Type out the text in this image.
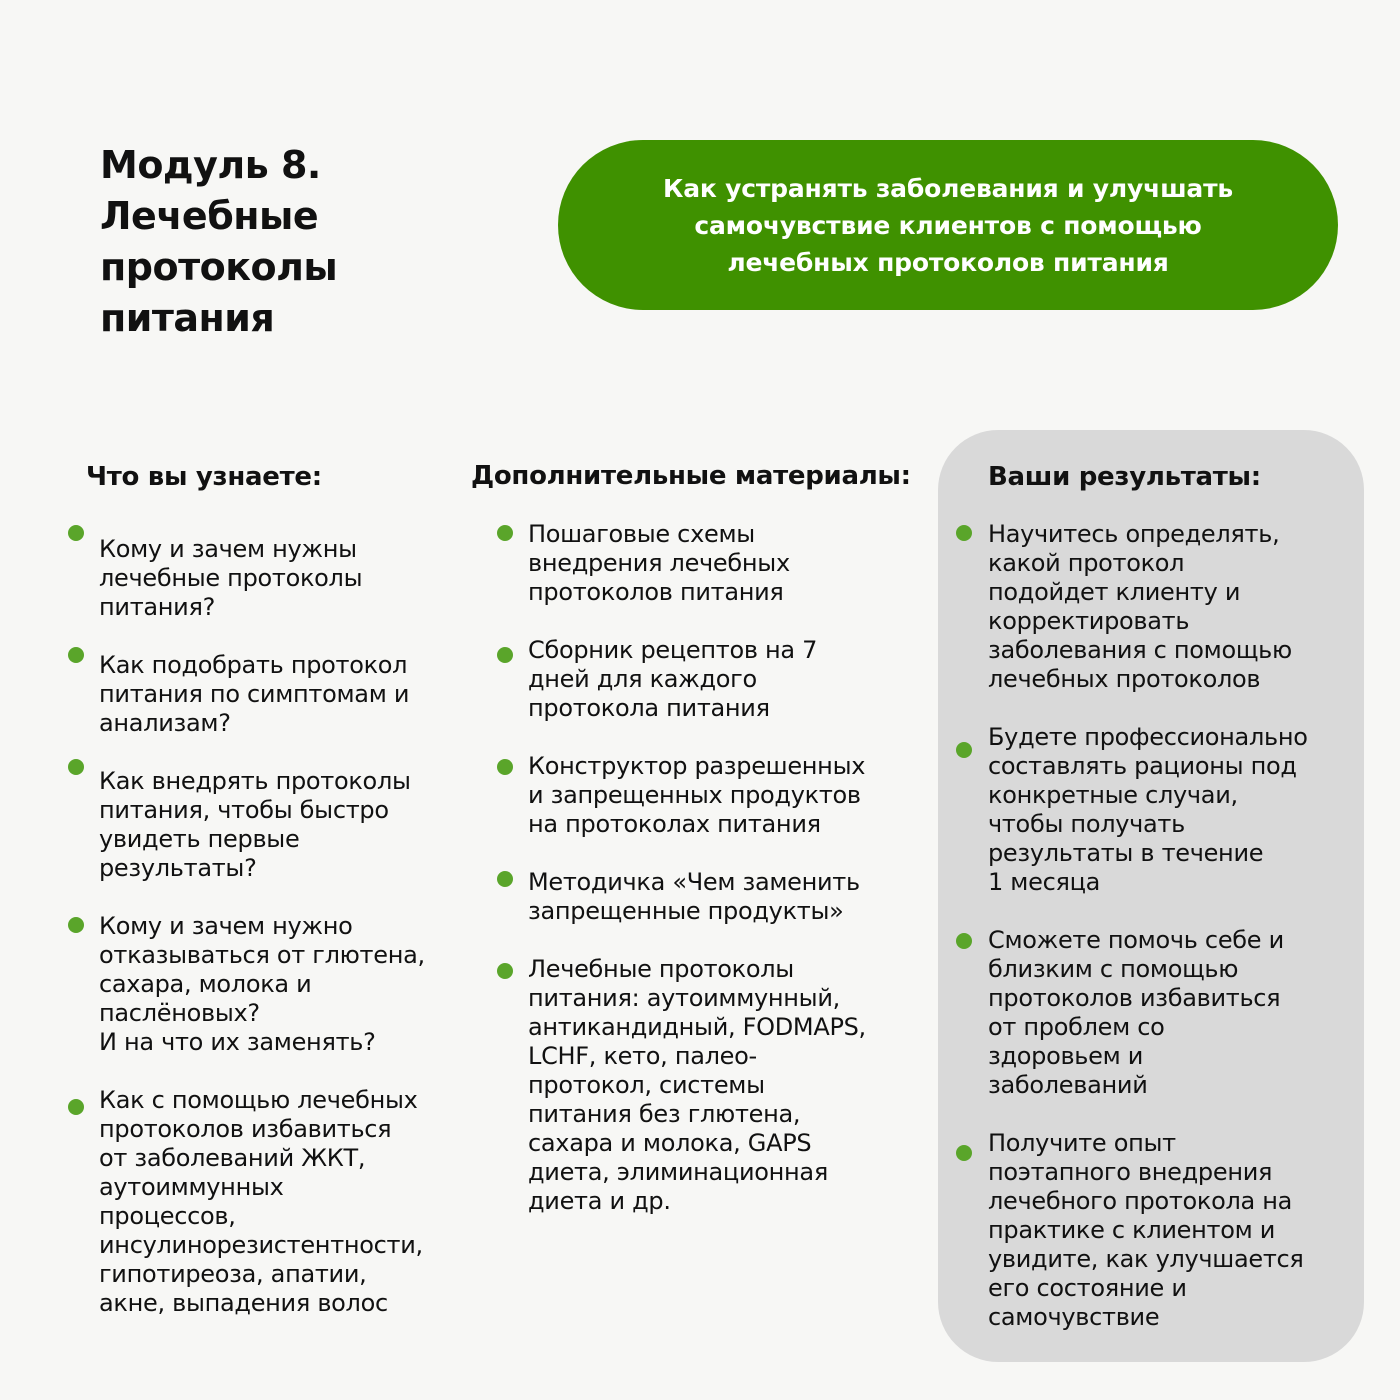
Модуль 8.
Лечебные
протоколы
питания
Как устранять заболевания и улучшать
самочувствие клиентов с помощью
лечебных протоколов питания
Что вы узнаете:
Кому и зачем нужны
лечебные протоколы
питания?
Как подобрать протокол
питания по симптомам и
анализам?
Как внедрять протоколы
питания, чтобы быстро
увидеть первые
результаты?
Кому и зачем нужно
отказываться от глютена,
сахара, молока и
паслёновых?
И на что их заменять?
Как с помощью лечебных
протоколов избавиться
от заболеваний ЖКТ,
аутоиммунных
процессов,
инсулинорезистентности,
гипотиреоза, апатии,
акне, выпадения волос
Дополнительные материалы:
Пошаговые схемы
внедрения лечебных
протоколов питания
Сборник рецептов на 7
дней для каждого
протокола питания
Конструктор разрешенных
и запрещенных продуктов
на протоколах питания
Методичка «Чем заменить
запрещенные продукты»
Лечебные протоколы
питания: аутоиммунный,
антикандидный, FODMAPS,
LCHF, кето, палео-
протокол, системы
питания без глютена,
сахара и молока, GAPS
диета, элиминационная
диета и др.
Ваши результаты:
Научитесь определять,
какой протокол
подойдет клиенту и
корректировать
заболевания с помощью
лечебных протоколов
Будете профессионально
составлять рационы под
конкретные случаи,
чтобы получать
результаты в течение
1 месяца
Сможете помочь себе и
близким с помощью
протоколов избавиться
от проблем со
здоровьем и
заболеваний
Получите опыт
поэтапного внедрения
лечебного протокола на
практике с клиентом и
увидите, как улучшается
его состояние и
самочувствие
